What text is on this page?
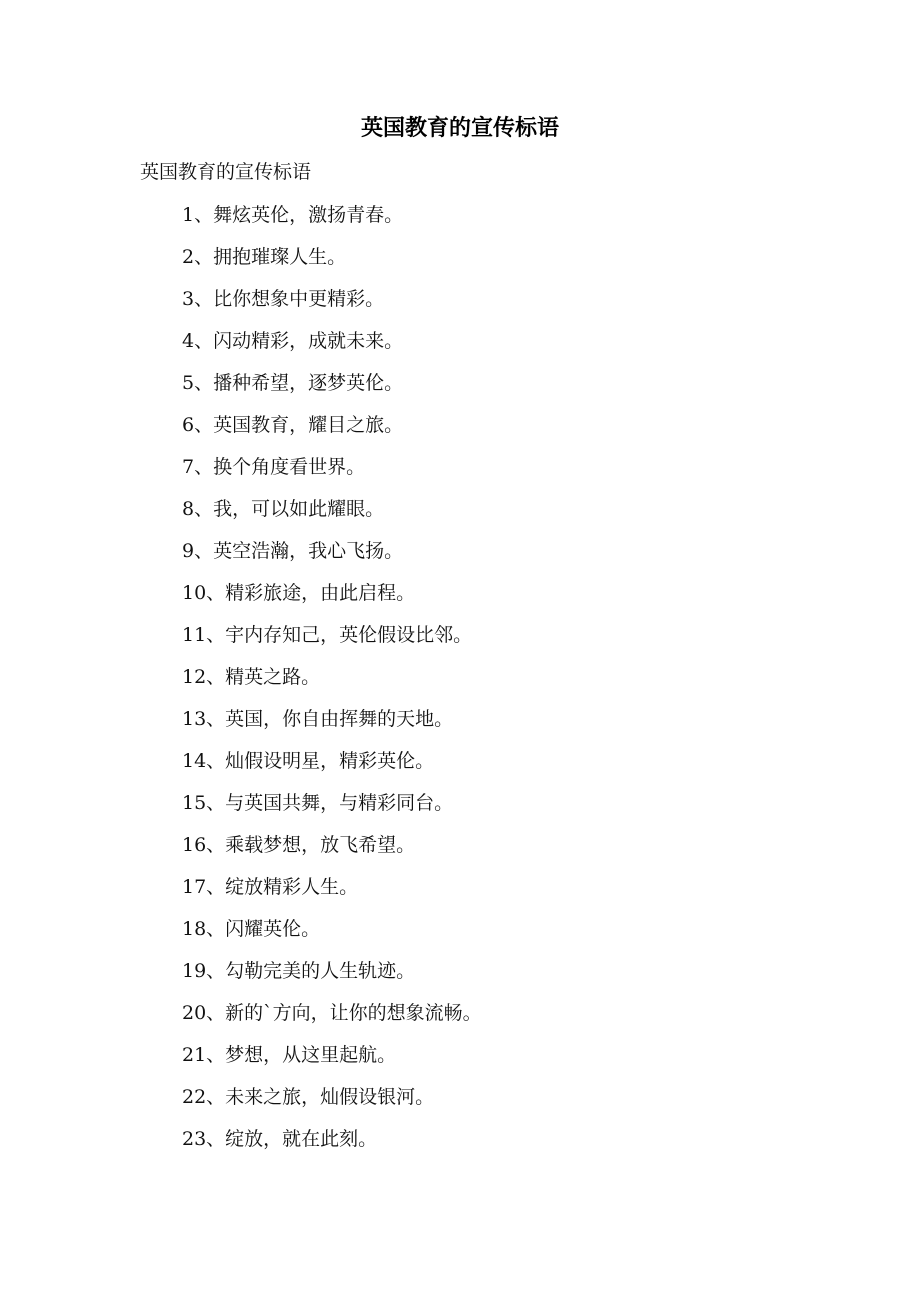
英国教育的宣传标语

英国教育的宣传标语

1、舞炫英伦，激扬青春。
2、拥抱璀璨人生。
3、比你想象中更精彩。
4、闪动精彩，成就未来。
5、播种希望，逐梦英伦。
6、英国教育，耀目之旅。
7、换个角度看世界。
8、我，可以如此耀眼。
9、英空浩瀚，我心飞扬。
10、精彩旅途，由此启程。
11、宇内存知己，英伦假设比邻。
12、精英之路。
13、英国，你自由挥舞的天地。
14、灿假设明星，精彩英伦。
15、与英国共舞，与精彩同台。
16、乘载梦想，放飞希望。
17、绽放精彩人生。
18、闪耀英伦。
19、勾勒完美的人生轨迹。
20、新的`方向，让你的想象流畅。
21、梦想，从这里起航。
22、未来之旅，灿假设银河。
23、绽放，就在此刻。
